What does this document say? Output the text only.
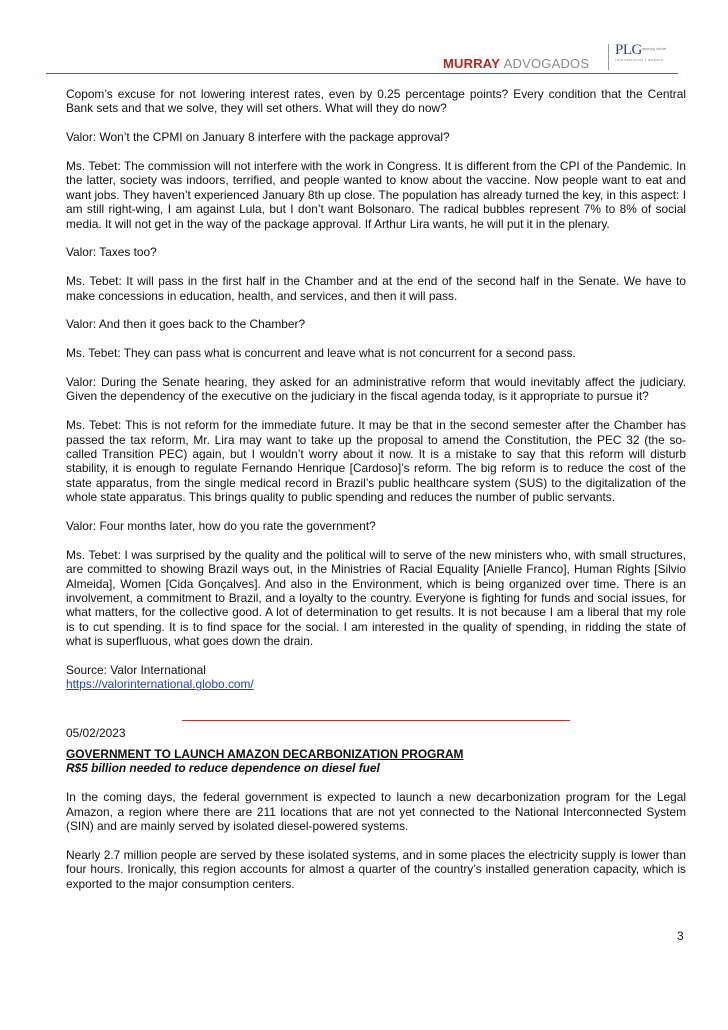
MURRAY ADVOGADOS
PLG www.plg.intl.net
International Lawyers

Copom’s excuse for not lowering interest rates, even by 0.25 percentage points? Every condition that the Central Bank sets and that we solve, they will set others. What will they do now?

Valor: Won’t the CPMI on January 8 interfere with the package approval?

Ms. Tebet: The commission will not interfere with the work in Congress. It is different from the CPI of the Pandemic. In the latter, society was indoors, terrified, and people wanted to know about the vaccine. Now people want to eat and want jobs. They haven’t experienced January 8th up close. The population has already turned the key, in this aspect: I am still right-wing, I am against Lula, but I don’t want Bolsonaro. The radical bubbles represent 7% to 8% of social media. It will not get in the way of the package approval. If Arthur Lira wants, he will put it in the plenary.

Valor: Taxes too?

Ms. Tebet: It will pass in the first half in the Chamber and at the end of the second half in the Senate. We have to make concessions in education, health, and services, and then it will pass.

Valor: And then it goes back to the Chamber?

Ms. Tebet: They can pass what is concurrent and leave what is not concurrent for a second pass.

Valor: During the Senate hearing, they asked for an administrative reform that would inevitably affect the judiciary. Given the dependency of the executive on the judiciary in the fiscal agenda today, is it appropriate to pursue it?

Ms. Tebet: This is not reform for the immediate future. It may be that in the second semester after the Chamber has passed the tax reform, Mr. Lira may want to take up the proposal to amend the Constitution, the PEC 32 (the so-called Transition PEC) again, but I wouldn’t worry about it now. It is a mistake to say that this reform will disturb stability, it is enough to regulate Fernando Henrique [Cardoso]’s reform. The big reform is to reduce the cost of the state apparatus, from the single medical record in Brazil’s public healthcare system (SUS) to the digitalization of the whole state apparatus. This brings quality to public spending and reduces the number of public servants.

Valor: Four months later, how do you rate the government?

Ms. Tebet: I was surprised by the quality and the political will to serve of the new ministers who, with small structures, are committed to showing Brazil ways out, in the Ministries of Racial Equality [Anielle Franco], Human Rights [Silvio Almeida], Women [Cida Gonçalves]. And also in the Environment, which is being organized over time. There is an involvement, a commitment to Brazil, and a loyalty to the country. Everyone is fighting for funds and social issues, for what matters, for the collective good. A lot of determination to get results. It is not because I am a liberal that my role is to cut spending. It is to find space for the social. I am interested in the quality of spending, in ridding the state of what is superfluous, what goes down the drain.

Source: Valor International

https://valorinternational.globo.com/

05/02/2023

GOVERNMENT TO LAUNCH AMAZON DECARBONIZATION PROGRAM

R$5 billion needed to reduce dependence on diesel fuel

In the coming days, the federal government is expected to launch a new decarbonization program for the Legal Amazon, a region where there are 211 locations that are not yet connected to the National Interconnected System (SIN) and are mainly served by isolated diesel-powered systems.

Nearly 2.7 million people are served by these isolated systems, and in some places the electricity supply is lower than four hours. Ironically, this region accounts for almost a quarter of the country’s installed generation capacity, which is exported to the major consumption centers.

3
